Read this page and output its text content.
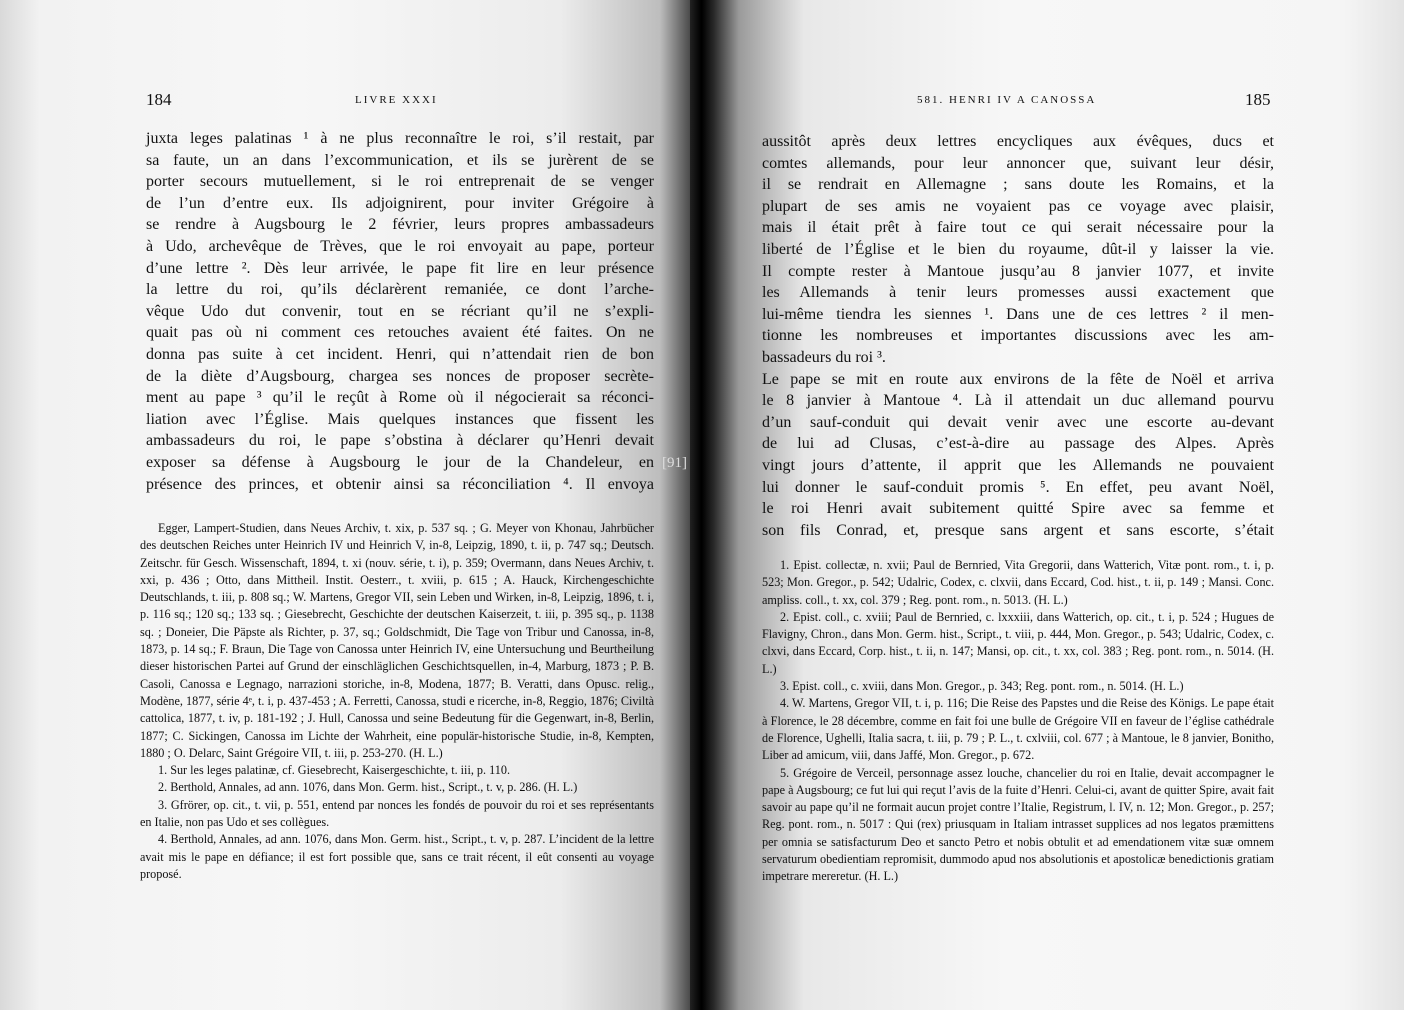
184	LIVRE XXXI

juxta leges palatinas ¹ à ne plus reconnaître le roi, s’il restait, par

sa faute, un an dans l’excommunication, et ils se jurèrent de se

porter secours mutuellement, si le roi entreprenait de se venger

de l’un d’entre eux. Ils adjoignirent, pour inviter Grégoire à

se rendre à Augsbourg le 2 février, leurs propres ambassadeurs

à Udo, archevêque de Trèves, que le roi envoyait au pape, porteur

d’une lettre ². Dès leur arrivée, le pape fit lire en leur présence

la lettre du roi, qu’ils déclarèrent remaniée, ce dont l’arche-

vêque Udo dut convenir, tout en se récriant qu’il ne s’expli-

quait pas où ni comment ces retouches avaient été faites. On ne

donna pas suite à cet incident. Henri, qui n’attendait rien de bon

de la diète d’Augsbourg, chargea ses nonces de proposer secrète-

ment au pape ³ qu’il le reçût à Rome où il négocierait sa réconci-

liation avec l’Église. Mais quelques instances que fissent les

ambassadeurs du roi, le pape s’obstina à déclarer qu’Henri devait

exposer sa défense à Augsbourg le jour de la Chandeleur, en

présence des princes, et obtenir ainsi sa réconciliation ⁴. Il envoya

Egger, Lampert-Studien, dans Neues Archiv, t. xix, p. 537 sq. ; G. Meyer von Khonau, Jahrbücher des deutschen Reiches unter Heinrich IV und Heinrich V, in-8, Leipzig, 1890, t. ii, p. 747 sq.; Deutsch. Zeitschr. für Gesch. Wissenschaft, 1894, t. xi (nouv. série, t. i), p. 359; Overmann, dans Neues Archiv, t. xxi, p. 436 ; Otto, dans Mittheil. Instit. Oesterr., t. xviii, p. 615 ; A. Hauck, Kirchengeschichte Deutschlands, t. iii, p. 808 sq.; W. Martens, Gregor VII, sein Leben und Wirken, in-8, Leipzig, 1896, t. i, p. 116 sq.; 120 sq.; 133 sq. ; Giesebrecht, Geschichte der deutschen Kaiserzeit, t. iii, p. 395 sq., p. 1138 sq. ; Doneier, Die Päpste als Richter, p. 37, sq.; Goldschmidt, Die Tage von Tribur und Canossa, in-8, 1873, p. 14 sq.; F. Braun, Die Tage von Canossa unter Heinrich IV, eine Untersuchung und Beurtheilung dieser historischen Partei auf Grund der einschläglichen Geschichtsquellen, in-4, Marburg, 1873 ; P. B. Casoli, Canossa e Legnago, narrazioni storiche, in-8, Modena, 1877; B. Veratti, dans Opusc. relig., Modène, 1877, série 4ᵉ, t. i, p. 437-453 ; A. Ferretti, Canossa, studi e ricerche, in-8, Reggio, 1876; Civiltà cattolica, 1877, t. iv, p. 181-192 ; J. Hull, Canossa und seine Bedeutung für die Gegenwart, in-8, Berlin, 1877; C. Sickingen, Canossa im Lichte der Wahrheit, eine populär-historische Studie, in-8, Kempten, 1880 ; O. Delarc, Saint Grégoire VII, t. iii, p. 253-270. (H. L.)

1. Sur les leges palatinæ, cf. Giesebrecht, Kaisergeschichte, t. iii, p. 110.

2. Berthold, Annales, ad ann. 1076, dans Mon. Germ. hist., Script., t. v, p. 286. (H. L.)

3. Gfrörer, op. cit., t. vii, p. 551, entend par nonces les fondés de pouvoir du roi et ses représentants en Italie, non pas Udo et ses collègues.

4. Berthold, Annales, ad ann. 1076, dans Mon. Germ. hist., Script., t. v, p. 287. L’incident de la lettre avait mis le pape en défiance; il est fort possible que, sans ce trait récent, il eût consenti au voyage proposé.

[91]
581. HENRI IV A CANOSSA	185

aussitôt après deux lettres encycliques aux évêques, ducs et

comtes allemands, pour leur annoncer que, suivant leur désir,

il se rendrait en Allemagne ; sans doute les Romains, et la

plupart de ses amis ne voyaient pas ce voyage avec plaisir,

mais il était prêt à faire tout ce qui serait nécessaire pour la

liberté de l’Église et le bien du royaume, dût-il y laisser la vie.

Il compte rester à Mantoue jusqu’au 8 janvier 1077, et invite

les Allemands à tenir leurs promesses aussi exactement que

lui-même tiendra les siennes ¹. Dans une de ces lettres ² il men-

tionne les nombreuses et importantes discussions avec les am-

bassadeurs du roi ³.

Le pape se mit en route aux environs de la fête de Noël et arriva

le 8 janvier à Mantoue ⁴. Là il attendait un duc allemand pourvu

d’un sauf-conduit qui devait venir avec une escorte au-devant

de lui ad Clusas, c’est-à-dire au passage des Alpes. Après

vingt jours d’attente, il apprit que les Allemands ne pouvaient

lui donner le sauf-conduit promis ⁵. En effet, peu avant Noël,

le roi Henri avait subitement quitté Spire avec sa femme et

son fils Conrad, et, presque sans argent et sans escorte, s’était

1. Epist. collectæ, n. xvii; Paul de Bernried, Vita Gregorii, dans Watterich, Vitæ pont. rom., t. i, p. 523; Mon. Gregor., p. 542; Udalric, Codex, c. clxvii, dans Eccard, Cod. hist., t. ii, p. 149 ; Mansi. Conc. ampliss. coll., t. xx, col. 379 ; Reg. pont. rom., n. 5013. (H. L.)

2. Epist. coll., c. xviii; Paul de Bernried, c. lxxxiii, dans Watterich, op. cit., t. i, p. 524 ; Hugues de Flavigny, Chron., dans Mon. Germ. hist., Script., t. viii, p. 444, Mon. Gregor., p. 543; Udalric, Codex, c. clxvi, dans Eccard, Corp. hist., t. ii, n. 147; Mansi, op. cit., t. xx, col. 383 ; Reg. pont. rom., n. 5014. (H. L.)

3. Epist. coll., c. xviii, dans Mon. Gregor., p. 343; Reg. pont. rom., n. 5014. (H. L.)

4. W. Martens, Gregor VII, t. i, p. 116; Die Reise des Papstes und die Reise des Königs. Le pape était à Florence, le 28 décembre, comme en fait foi une bulle de Grégoire VII en faveur de l’église cathédrale de Florence, Ughelli, Italia sacra, t. iii, p. 79 ; P. L., t. cxlviii, col. 677 ; à Mantoue, le 8 janvier, Bonitho, Liber ad amicum, viii, dans Jaffé, Mon. Gregor., p. 672.

5. Grégoire de Verceil, personnage assez louche, chancelier du roi en Italie, devait accompagner le pape à Augsbourg; ce fut lui qui reçut l’avis de la fuite d’Henri. Celui-ci, avant de quitter Spire, avait fait savoir au pape qu’il ne formait aucun projet contre l’Italie, Registrum, l. IV, n. 12; Mon. Gregor., p. 257; Reg. pont. rom., n. 5017 : Qui (rex) priusquam in Italiam intrasset supplices ad nos legatos præmittens per omnia se satisfacturum Deo et sancto Petro et nobis obtulit et ad emendationem vitæ suæ omnem servaturum obedientiam repromisit, dummodo apud nos absolutionis et apostolicæ benedictionis gratiam impetrare mereretur. (H. L.)
